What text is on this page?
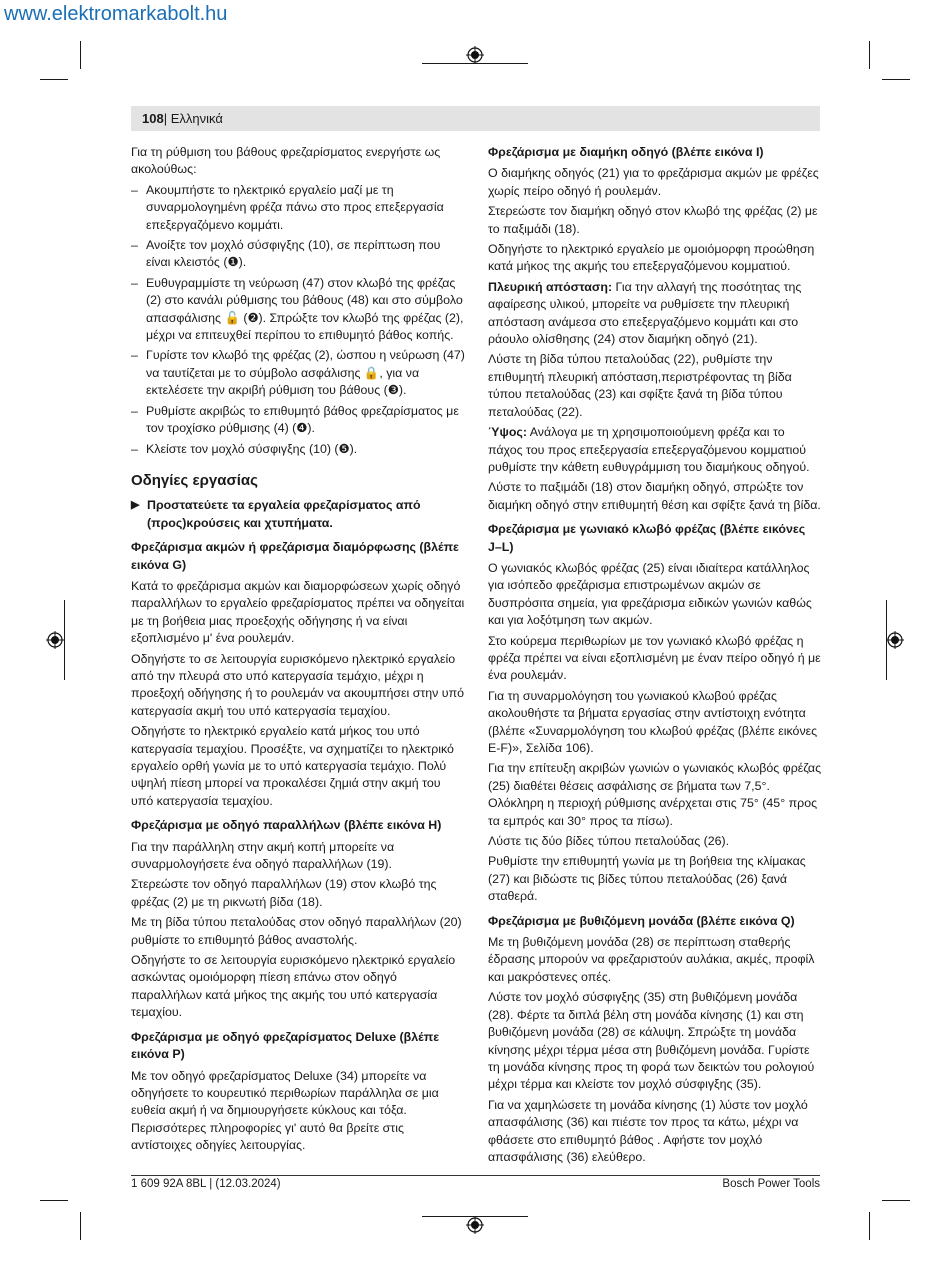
www.elektromarkabolt.hu
108| Ελληνικά

Για τη ρύθμιση του βάθους φρεζαρίσματος ενεργήστε ως ακολούθως:

– Ακουμπήστε το ηλεκτρικό εργαλείο μαζί με τη συναρμολογημένη φρέζα πάνω στο προς επεξεργασία επεξεργαζόμενο κομμάτι.
– Ανοίξτε τον μοχλό σύσφιγξης (10), σε περίπτωση που είναι κλειστός (❶).
– Ευθυγραμμίστε τη νεύρωση (47) στον κλωβό της φρέζας (2) στο κανάλι ρύθμισης του βάθους (48) και στο σύμβολο απασφάλισης 🔓 (❷). Σπρώξτε τον κλωβό της φρέζας (2), μέχρι να επιτευχθεί περίπου το επιθυμητό βάθος κοπής.
– Γυρίστε τον κλωβό της φρέζας (2), ώσπου η νεύρωση (47) να ταυτίζεται με το σύμβολο ασφάλισης 🔒, για να εκτελέσετε την ακριβή ρύθμιση του βάθους (❸).
– Ρυθμίστε ακριβώς το επιθυμητό βάθος φρεζαρίσματος με τον τροχίσκο ρύθμισης (4) (❹).
– Κλείστε τον μοχλό σύσφιγξης (10) (❺).
Οδηγίες εργασίας
▶ Προστατεύετε τα εργαλεία φρεζαρίσματος από (προς)κρούσεις και χτυπήματα.
Φρεζάρισμα ακμών ή φρεζάρισμα διαμόρφωσης (βλέπε εικόνα G)

Κατά το φρεζάρισμα ακμών και διαμορφώσεων χωρίς οδηγό παραλλήλων το εργαλείο φρεζαρίσματος πρέπει να οδηγείται με τη βοήθεια μιας προεξοχής οδήγησης ή να είναι εξοπλισμένο μ' ένα ρουλεμάν.

Οδηγήστε το σε λειτουργία ευρισκόμενο ηλεκτρικό εργαλείο από την πλευρά στο υπό κατεργασία τεμάχιο, μέχρι η προεξοχή οδήγησης ή το ρουλεμάν να ακουμπήσει στην υπό κατεργασία ακμή του υπό κατεργασία τεμαχίου.

Οδηγήστε το ηλεκτρικό εργαλείο κατά μήκος του υπό κατεργασία τεμαχίου. Προσέξτε, να σχηματίζει το ηλεκτρικό εργαλείο ορθή γωνία με το υπό κατεργασία τεμάχιο. Πολύ υψηλή πίεση μπορεί να προκαλέσει ζημιά στην ακμή του υπό κατεργασία τεμαχίου.

Φρεζάρισμα με οδηγό παραλλήλων (βλέπε εικόνα H)

Για την παράλληλη στην ακμή κοπή μπορείτε να συναρμολογήσετε ένα οδηγό παραλλήλων (19).

Στερεώστε τον οδηγό παραλλήλων (19) στον κλωβό της φρέζας (2) με τη ρικνωτή βίδα (18).

Με τη βίδα τύπου πεταλούδας στον οδηγό παραλλήλων (20) ρυθμίστε το επιθυμητό βάθος αναστολής.

Οδηγήστε το σε λειτουργία ευρισκόμενο ηλεκτρικό εργαλείο ασκώντας ομοιόμορφη πίεση επάνω στον οδηγό παραλλήλων κατά μήκος της ακμής του υπό κατεργασία τεμαχίου.

Φρεζάρισμα με οδηγό φρεζαρίσματος Deluxe (βλέπε εικόνα P)

Με τον οδηγό φρεζαρίσματος Deluxe (34) μπορείτε να οδηγήσετε το κουρευτικό περιθωρίων παράλληλα σε μια ευθεία ακμή ή να δημιουργήσετε κύκλους και τόξα. Περισσότερες πληροφορίες γι' αυτό θα βρείτε στις αντίστοιχες οδηγίες λειτουργίας.

Φρεζάρισμα με διαμήκη οδηγό (βλέπε εικόνα I)

Ο διαμήκης οδηγός (21) για το φρεζάρισμα ακμών με φρέζες χωρίς πείρο οδηγό ή ρουλεμάν.

Στερεώστε τον διαμήκη οδηγό στον κλωβό της φρέζας (2) με το παξιμάδι (18).

Οδηγήστε το ηλεκτρικό εργαλείο με ομοιόμορφη προώθηση κατά μήκος της ακμής του επεξεργαζόμενου κομματιού.

Πλευρική απόσταση: Για την αλλαγή της ποσότητας της αφαίρεσης υλικού, μπορείτε να ρυθμίσετε την πλευρική απόσταση ανάμεσα στο επεξεργαζόμενο κομμάτι και στο ράουλο ολίσθησης (24) στον διαμήκη οδηγό (21).

Λύστε τη βίδα τύπου πεταλούδας (22), ρυθμίστε την επιθυμητή πλευρική απόσταση,περιστρέφοντας τη βίδα τύπου πεταλούδας (23) και σφίξτε ξανά τη βίδα τύπου πεταλούδας (22).

Ύψος: Ανάλογα με τη χρησιμοποιούμενη φρέζα και το πάχος του προς επεξεργασία επεξεργαζόμενου κομματιού ρυθμίστε την κάθετη ευθυγράμμιση του διαμήκους οδηγού.

Λύστε το παξιμάδι (18) στον διαμήκη οδηγό, σπρώξτε τον διαμήκη οδηγό στην επιθυμητή θέση και σφίξτε ξανά τη βίδα.

Φρεζάρισμα με γωνιακό κλωβό φρέζας (βλέπε εικόνες J–L)

Ο γωνιακός κλωβός φρέζας (25) είναι ιδιαίτερα κατάλληλος για ισόπεδο φρεζάρισμα επιστρωμένων ακμών σε δυσπρόσιτα σημεία, για φρεζάρισμα ειδικών γωνιών καθώς και για λοξότμηση των ακμών.

Στο κούρεμα περιθωρίων με τον γωνιακό κλωβό φρέζας η φρέζα πρέπει να είναι εξοπλισμένη με έναν πείρο οδηγό ή με ένα ρουλεμάν.

Για τη συναρμολόγηση του γωνιακού κλωβού φρέζας ακολουθήστε τα βήματα εργασίας στην αντίστοιχη ενότητα (βλέπε «Συναρμολόγηση του κλωβού φρέζας (βλέπε εικόνες E-F)», Σελίδα 106).

Για την επίτευξη ακριβών γωνιών ο γωνιακός κλωβός φρέζας (25) διαθέτει θέσεις ασφάλισης σε βήματα των 7,5°. Ολόκληρη η περιοχή ρύθμισης ανέρχεται στις 75° (45° προς τα εμπρός και 30° προς τα πίσω).

Λύστε τις δύο βίδες τύπου πεταλούδας (26).

Ρυθμίστε την επιθυμητή γωνία με τη βοήθεια της κλίμακας (27) και βιδώστε τις βίδες τύπου πεταλούδας (26) ξανά σταθερά.

Φρεζάρισμα με βυθιζόμενη μονάδα (βλέπε εικόνα Q)

Με τη βυθιζόμενη μονάδα (28) σε περίπτωση σταθερής έδρασης μπορούν να φρεζαριστούν αυλάκια, ακμές, προφίλ και μακρόστενες οπές.

Λύστε τον μοχλό σύσφιγξης (35) στη βυθιζόμενη μονάδα (28). Φέρτε τα διπλά βέλη στη μονάδα κίνησης (1) και στη βυθιζόμενη μονάδα (28) σε κάλυψη. Σπρώξτε τη μονάδα κίνησης μέχρι τέρμα μέσα στη βυθιζόμενη μονάδα. Γυρίστε τη μονάδα κίνησης προς τη φορά των δεικτών του ρολογιού μέχρι τέρμα και κλείστε τον μοχλό σύσφιγξης (35).

Για να χαμηλώσετε τη μονάδα κίνησης (1) λύστε τον μοχλό απασφάλισης (36) και πιέστε τον προς τα κάτω, μέχρι να φθάσετε στο επιθυμητό βάθος . Αφήστε τον μοχλό απασφάλισης (36) ελεύθερο.

1 609 92A 8BL | (12.03.2024)	Bosch Power Tools
